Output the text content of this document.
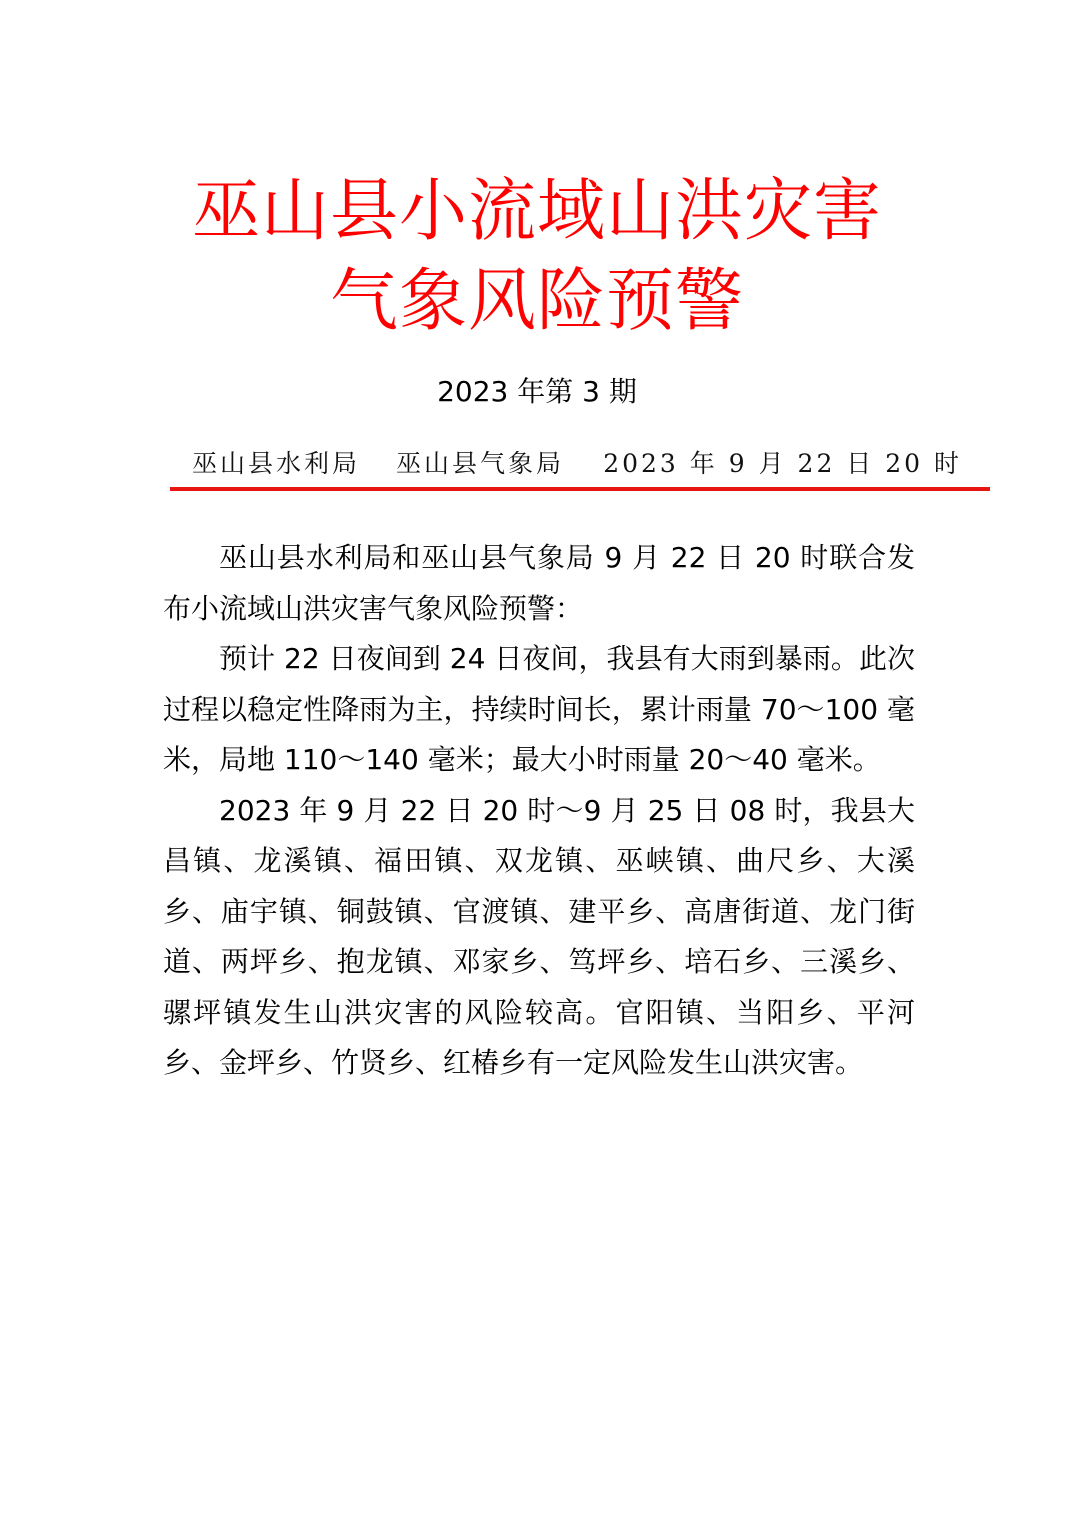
巫山县小流域山洪灾害
气象风险预警
2023 年第 3 期
巫山县水利局 巫山县气象局 2023 年 9 月 22 日 20 时

巫山县水利局和巫山县气象局 9 月 22 日 20 时联合发布小流域山洪灾害气象风险预警：

预计 22 日夜间到 24 日夜间，我县有大雨到暴雨。此次过程以稳定性降雨为主，持续时间长，累计雨量 70～100 毫米，局地 110～140 毫米；最大小时雨量 20～40 毫米。

2023 年 9 月 22 日 20 时～9 月 25 日 08 时，我县大昌镇、龙溪镇、福田镇、双龙镇、巫峡镇、曲尺乡、大溪乡、庙宇镇、铜鼓镇、官渡镇、建平乡、高唐街道、龙门街道、两坪乡、抱龙镇、邓家乡、笃坪乡、培石乡、三溪乡、骡坪镇发生山洪灾害的风险较高。官阳镇、当阳乡、平河乡、金坪乡、竹贤乡、红椿乡有一定风险发生山洪灾害。
